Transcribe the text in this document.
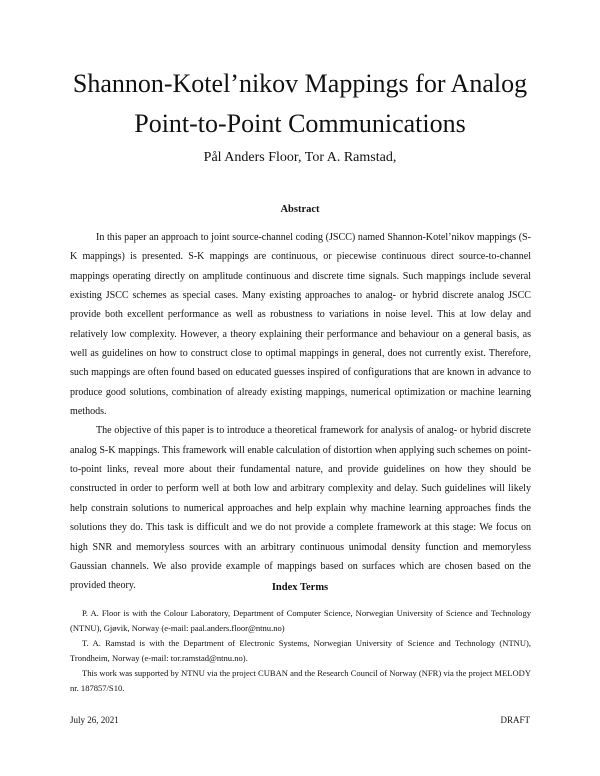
Shannon-Kotel’nikov Mappings for Analog
Point-to-Point Communications

Pål Anders Floor, Tor A. Ramstad,

Abstract

In this paper an approach to joint source-channel coding (JSCC) named Shannon-Kotel’nikov mappings (S-K mappings) is presented. S-K mappings are continuous, or piecewise continuous direct source-to-channel mappings operating directly on amplitude continuous and discrete time signals. Such mappings include several existing JSCC schemes as special cases. Many existing approaches to analog- or hybrid discrete analog JSCC provide both excellent performance as well as robustness to variations in noise level. This at low delay and relatively low complexity. However, a theory explaining their performance and behaviour on a general basis, as well as guidelines on how to construct close to optimal mappings in general, does not currently exist. Therefore, such mappings are often found based on educated guesses inspired of configurations that are known in advance to produce good solutions, combination of already existing mappings, numerical optimization or machine learning methods.

The objective of this paper is to introduce a theoretical framework for analysis of analog- or hybrid discrete analog S-K mappings. This framework will enable calculation of distortion when applying such schemes on point-to-point links, reveal more about their fundamental nature, and provide guidelines on how they should be constructed in order to perform well at both low and arbitrary complexity and delay. Such guidelines will likely help constrain solutions to numerical approaches and help explain why machine learning approaches finds the solutions they do. This task is difficult and we do not provide a complete framework at this stage: We focus on high SNR and memoryless sources with an arbitrary continuous unimodal density function and memoryless Gaussian channels. We also provide example of mappings based on surfaces which are chosen based on the provided theory.	Index Terms

P. A. Floor is with the Colour Laboratory, Department of Computer Science, Norwegian University of Science and Technology (NTNU), Gjøvik, Norway (e-mail: paal.anders.floor@ntnu.no)

T. A. Ramstad is with the Department of Electronic Systems, Norwegian University of Science and Technology (NTNU), Trondheim, Norway (e-mail: tor.ramstad@ntnu.no).

This work was supported by NTNU via the project CUBAN and the Research Council of Norway (NFR) via the project MELODY nr. 187857/S10.

July 26, 2021	DRAFT
